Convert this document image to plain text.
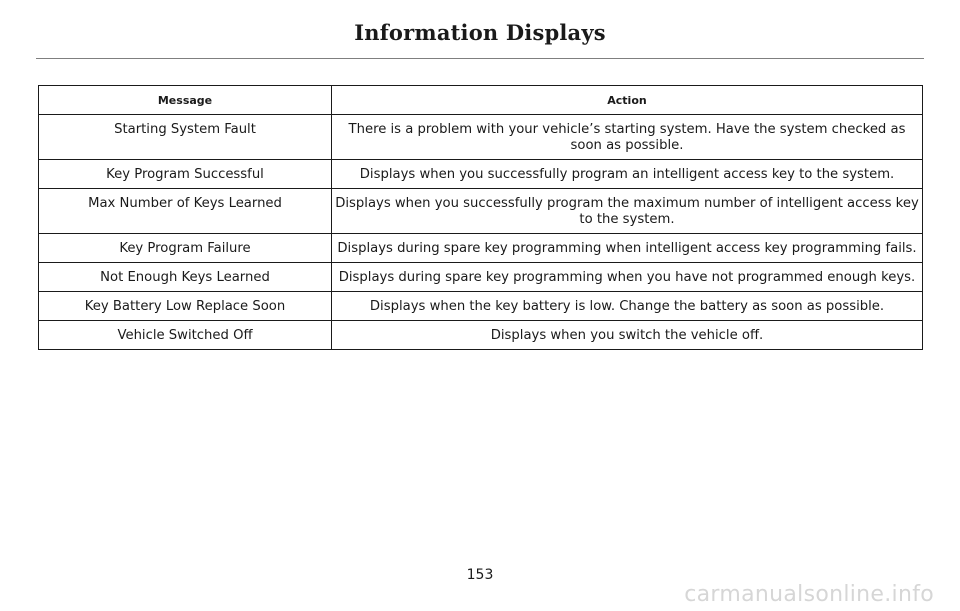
Information Displays
Message	Action
Starting System Fault	There is a problem with your vehicle’s starting system. Have the system checked as soon as possible.
Key Program Successful	Displays when you successfully program an intelligent access key to the system.
Max Number of Keys Learned	Displays when you successfully program the maximum number of intelligent access key to the system.
Key Program Failure	Displays during spare key programming when intelligent access key programming fails.
Not Enough Keys Learned	Displays during spare key programming when you have not programmed enough keys.
Key Battery Low Replace Soon	Displays when the key battery is low. Change the battery as soon as possible.
Vehicle Switched Off	Displays when you switch the vehicle off.
153
carmanualsonline.info
